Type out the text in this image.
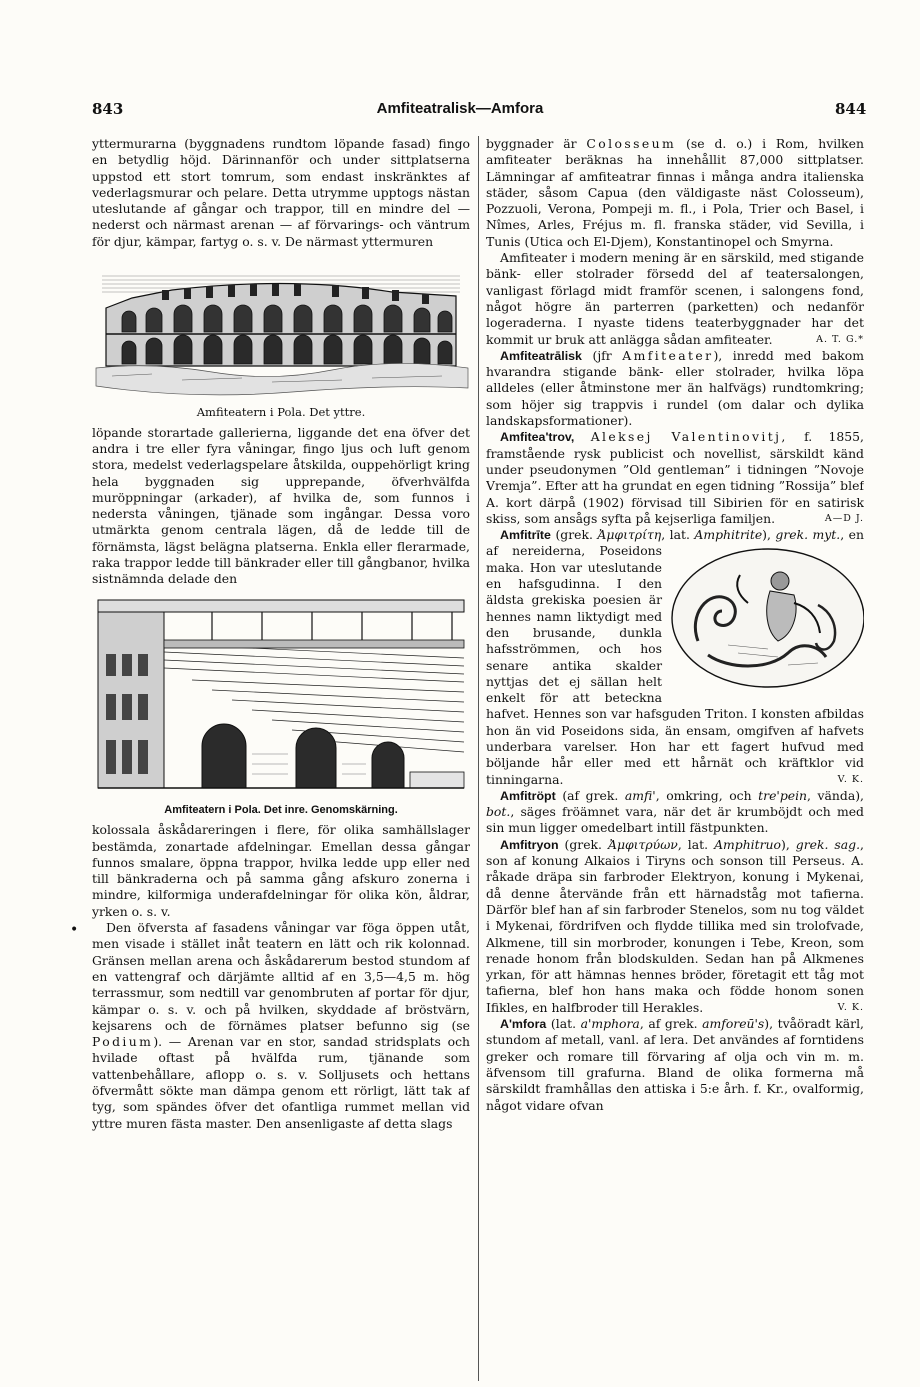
843	Amfiteatralisk—Amfora	844
•

yttermurarna (byggnadens rundtom löpande fasad) fingo en betydlig höjd. Därinnanför och under sittplatserna uppstod ett stort tomrum, som endast inskränktes af vederlagsmurar och pelare. Detta utrymme upptogs nästan uteslutande af gångar och trappor, till en mindre del — nederst och närmast arenan — af förvarings- och väntrum för djur, kämpar, fartyg o. s. v. De närmast yttermuren

Amfiteatern i Pola. Det yttre.

löpande storartade gallerierna, liggande det ena öfver det andra i tre eller fyra våningar, fingo ljus och luft genom stora, medelst vederlagspelare åtskilda, ouppehörligt kring hela byggnaden sig upprepande, öfverhvälfda muröppningar (arkader), af hvilka de, som funnos i nedersta våningen, tjänade som ingångar. Dessa voro utmärkta genom centrala lägen, då de ledde till de förnämsta, lägst belägna platserna. Enkla eller flerarmade, raka trappor ledde till bänkrader eller till gångbanor, hvilka sistnämnda delade den

Amfiteatern i Pola. Det inre. Genomskärning.

kolossala åskådareringen i flere, för olika samhällslager bestämda, zonartade afdelningar. Emellan dessa gångar funnos smalare, öppna trappor, hvilka ledde upp eller ned till bänkraderna och på samma gång afskuro zonerna i mindre, kilformiga underafdelningar för olika kön, åldrar, yrken o. s. v.

Den öfversta af fasadens våningar var föga öppen utåt, men visade i stället inåt teatern en lätt och rik kolonnad. Gränsen mellan arena och åskådarerum bestod stundom af en vattengraf och därjämte alltid af en 3,5—4,5 m. hög terrassmur, som nedtill var genombruten af portar för djur, kämpar o. s. v. och på hvilken, skyddade af bröstvärn, kejsarens och de förnämes platser befunno sig (se Podium). — Arenan var en stor, sandad stridsplats och hvilade oftast på hvälfda rum, tjänande som vattenbehållare, aflopp o. s. v. Solljusets och hettans öfvermått sökte man dämpa genom ett rörligt, lätt tak af tyg, som spändes öfver det ofantliga rummet mellan vid yttre muren fästa master. Den ansenligaste af detta slags

byggnader är Colosseum (se d. o.) i Rom, hvilken amfiteater beräknas ha innehållit 87,000 sittplatser. Lämningar af amfiteatrar finnas i många andra italienska städer, såsom Capua (den väldigaste näst Colosseum), Pozzuoli, Verona, Pompeji m. fl., i Pola, Trier och Basel, i Nîmes, Arles, Fréjus m. fl. franska städer, vid Sevilla, i Tunis (Utica och El-Djem), Konstantinopel och Smyrna.

Amfiteater i modern mening är en särskild, med stigande bänk- eller stolrader försedd del af teatersalongen, vanligast förlagd midt framför scenen, i salongens fond, något högre än parterren (parketten) och nedanför logeraderna. I nyaste tidens teaterbyggnader har det kommit ur bruk att anlägga sådan amfiteater.	A. T. G.*

Amfiteatrālisk (jfr Amfiteater), inredd med bakom hvarandra stigande bänk- eller stolrader, hvilka löpa alldeles (eller åtminstone mer än halfvägs) rundtomkring; som höjer sig trappvis i rundel (om dalar och dylika landskapsformationer).

Amfitea'trov, Aleksej Valentinovitj, f. 1855, framstående rysk publicist och novellist, särskildt känd under pseudonymen ”Old gentleman” i tidningen ”Novoje Vremja”. Efter att ha grundat en egen tidning ”Rossija” blef A. kort därpå (1902) förvisad till Sibirien för en satirisk skiss, som ansågs syfta på kejserliga familjen.	A—D J.

Amfitrīte (grek. Ἀμφιτρίτη, lat. Amphitrite), grek. myt.
, en af nereiderna, Poseidons maka. Hon var uteslutande en hafsgudinna. I den äldsta grekiska poesien är hennes namn liktydigt med den brusande, dunkla hafsströmmen, och hos senare antika skalder nyttjas det ej sällan helt enkelt för att beteckna hafvet. Hennes son var hafsguden Triton. I konsten afbildas hon än vid Poseidons sida, än ensam, omgifven af hafvets underbara varelser. Hon har ett fagert hufvud med böljande hår eller med ett hårnät och kräftklor vid tinningarna.	V. K.

Amfitröpt (af grek. amfi', omkring, och tre'pein, vända), bot., säges fröämnet vara, när det är krumböjdt och med sin mun ligger omedelbart intill fästpunkten.

Amfitryon (grek. Ἀμφιτρύων, lat. Amphitruo), grek. sag., son af konung Alkaios i Tiryns och sonson till Perseus. A. råkade dräpa sin farbroder Elektryon, konung i Mykenai, då denne återvände från ett härnadståg mot tafierna. Därför blef han af sin farbroder Stenelos, som nu tog väldet i Mykenai, fördrifven och flydde tillika med sin trolofvade, Alkmene, till sin morbroder, konungen i Tebe, Kreon, som renade honom från blodskulden. Sedan han på Alkmenes yrkan, för att hämnas hennes bröder, företagit ett tåg mot tafierna, blef hon hans maka och födde honom sonen Ifikles, en halfbroder till Herakles.	V. K.

A'mfora (lat. a'mphora, af grek. amforeū's), tvåöradt kärl, stundom af metall, vanl. af lera. Det användes af forntidens greker och romare till förvaring af olja och vin m. m. äfvensom till grafurna. Bland de olika formerna må särskildt framhållas den attiska i 5:e årh. f. Kr., ovalformig, något vidare ofvan
